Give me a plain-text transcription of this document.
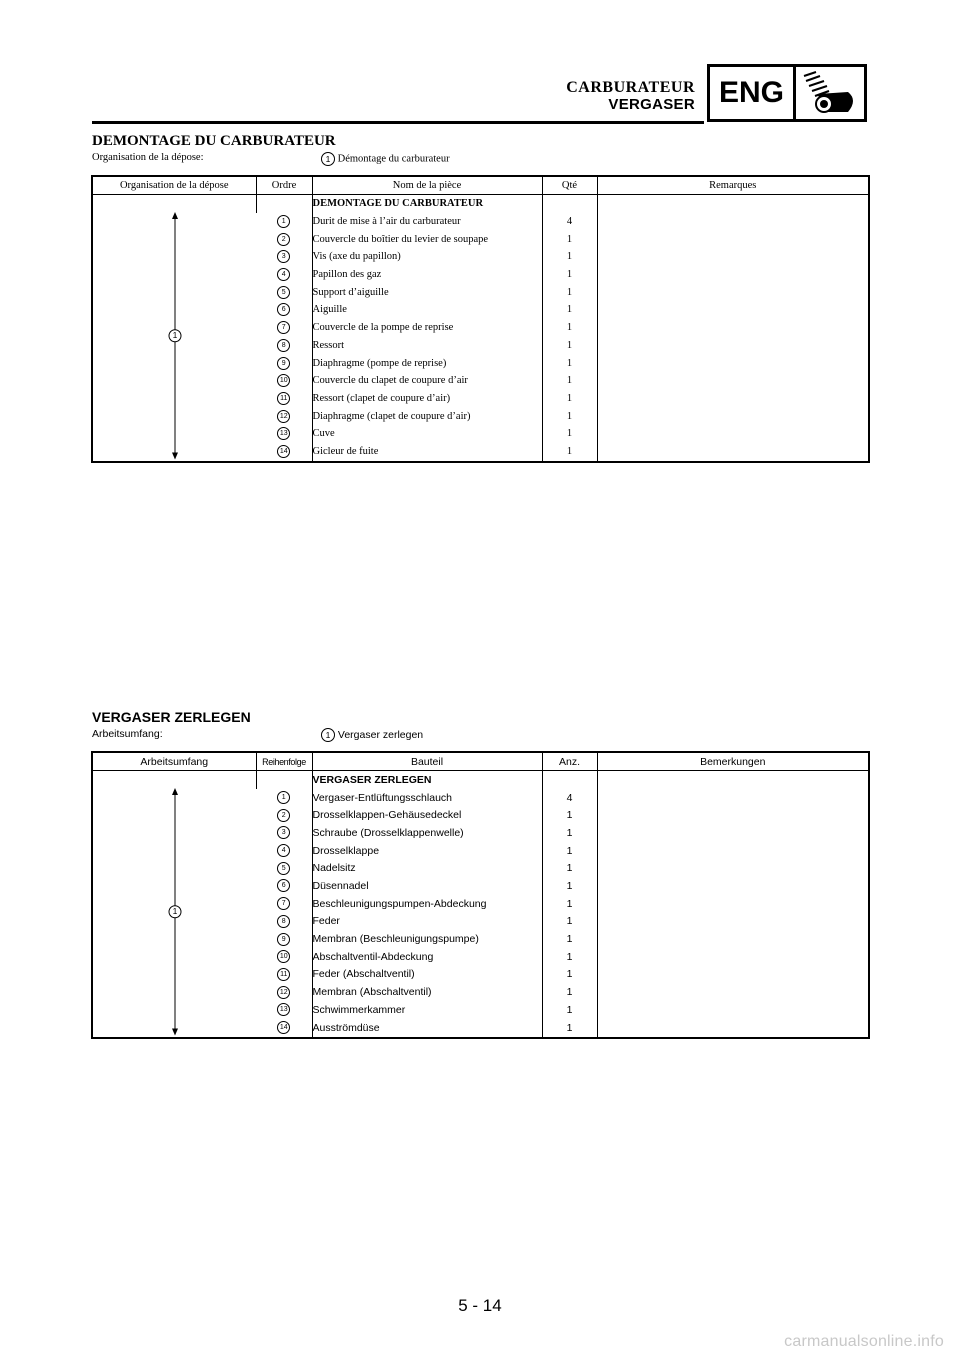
CARBURATEUR
VERGASER ENG
DEMONTAGE DU CARBURATEUR
Organisation de la dépose:	1 Démontage du carburateur
Organisation de la dépose	Ordre	Nom de la pièce	Qté	Remarques

1		DEMONTAGE DU CARBURATEUR		
	1	Durit de mise à l’air du carburateur	4	
	2	Couvercle du boîtier du levier de soupape	1	
	3	Vis (axe du papillon)	1	
	4	Papillon des gaz	1	
	5	Support d’aiguille	1	
	6	Aiguille	1	
	7	Couvercle de la pompe de reprise	1	
	8	Ressort	1	
	9	Diaphragme (pompe de reprise)	1	
	10	Couvercle du clapet de coupure d’air	1	
	11	Ressort (clapet de coupure d’air)	1	
	12	Diaphragme (clapet de coupure d’air)	1	
	13	Cuve	1	
	14	Gicleur de fuite	1	
VERGASER ZERLEGEN
Arbeitsumfang:	1 Vergaser zerlegen
Arbeitsumfang	Reihenfolge	Bauteil	Anz.	Bemerkungen

1		VERGASER ZERLEGEN		
	1	Vergaser-Entlüftungsschlauch	4	
	2	Drosselklappen-Gehäusedeckel	1	
	3	Schraube (Drosselklappenwelle)	1	
	4	Drosselklappe	1	
	5	Nadelsitz	1	
	6	Düsennadel	1	
	7	Beschleunigungspumpen-Abdeckung	1	
	8	Feder	1	
	9	Membran (Beschleunigungspumpe)	1	
	10	Abschaltventil-Abdeckung	1	
	11	Feder (Abschaltventil)	1	
	12	Membran (Abschaltventil)	1	
	13	Schwimmerkammer	1	
	14	Ausströmdüse	1	
5 - 14
carmanualsonline.info
